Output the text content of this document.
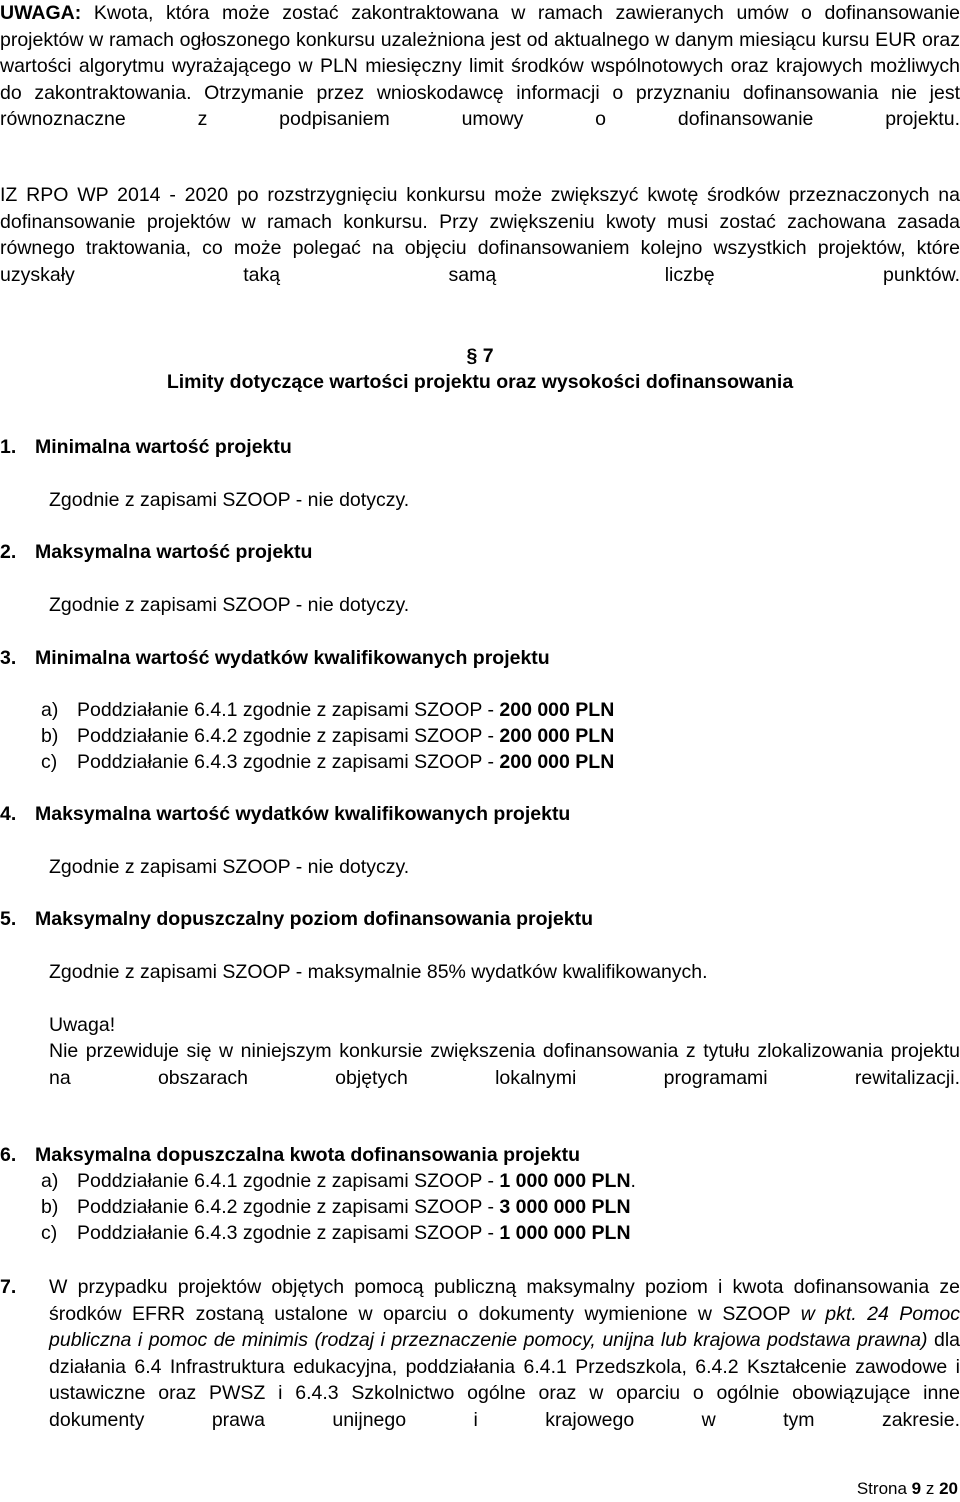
UWAGA: Kwota, która może zostać zakontraktowana w ramach zawieranych umów o dofinansowanie projektów w ramach ogłoszonego konkursu uzależniona jest od aktualnego w danym miesiącu kursu EUR oraz wartości algorytmu wyrażającego w PLN miesięczny limit środków wspólnotowych oraz krajowych możliwych do zakontraktowania. Otrzymanie przez wnioskodawcę informacji o przyznaniu dofinansowania nie jest równoznaczne z podpisaniem umowy o dofinansowanie projektu.

IZ RPO WP 2014 - 2020 po rozstrzygnięciu konkursu może zwiększyć kwotę środków przeznaczonych na dofinansowanie projektów w ramach konkursu. Przy zwiększeniu kwoty musi zostać zachowana zasada równego traktowania, co może polegać na objęciu dofinansowaniem kolejno wszystkich projektów, które uzyskały taką samą liczbę punktów.

§ 7
Limity dotyczące wartości projektu oraz wysokości dofinansowania
1. Minimalna wartość projektu
Zgodnie z zapisami SZOOP - nie dotyczy.
2. Maksymalna wartość projektu
Zgodnie z zapisami SZOOP - nie dotyczy.
3. Minimalna wartość wydatków kwalifikowanych projektu
a) Poddziałanie 6.4.1 zgodnie z zapisami SZOOP - 200 000 PLN
b) Poddziałanie 6.4.2 zgodnie z zapisami SZOOP - 200 000 PLN
c) Poddziałanie 6.4.3 zgodnie z zapisami SZOOP - 200 000 PLN
4. Maksymalna wartość wydatków kwalifikowanych projektu
Zgodnie z zapisami SZOOP - nie dotyczy.
5. Maksymalny dopuszczalny poziom dofinansowania projektu
Zgodnie z zapisami SZOOP - maksymalnie 85% wydatków kwalifikowanych.
Uwaga!

Nie przewiduje się w niniejszym konkursie zwiększenia dofinansowania z tytułu zlokalizowania projektu na obszarach objętych lokalnymi programami rewitalizacji.

6. Maksymalna dopuszczalna kwota dofinansowania projektu
a) Poddziałanie 6.4.1 zgodnie z zapisami SZOOP - 1 000 000 PLN.
b) Poddziałanie 6.4.2 zgodnie z zapisami SZOOP - 3 000 000 PLN
c) Poddziałanie 6.4.3 zgodnie z zapisami SZOOP - 1 000 000 PLN
7. W przypadku projektów objętych pomocą publiczną maksymalny poziom i kwota dofinansowania ze środków EFRR zostaną ustalone w oparciu o dokumenty wymienione w SZOOP w pkt. 24 Pomoc publiczna i pomoc de minimis (rodzaj i przeznaczenie pomocy, unijna lub krajowa podstawa prawna) dla działania 6.4 Infrastruktura edukacyjna, poddziałania 6.4.1 Przedszkola, 6.4.2 Kształcenie zawodowe i ustawiczne oraz PWSZ i 6.4.3 Szkolnictwo ogólne oraz w oparciu o ogólnie obowiązujące inne dokumenty prawa unijnego i krajowego w tym zakresie.

Strona 9 z 20
